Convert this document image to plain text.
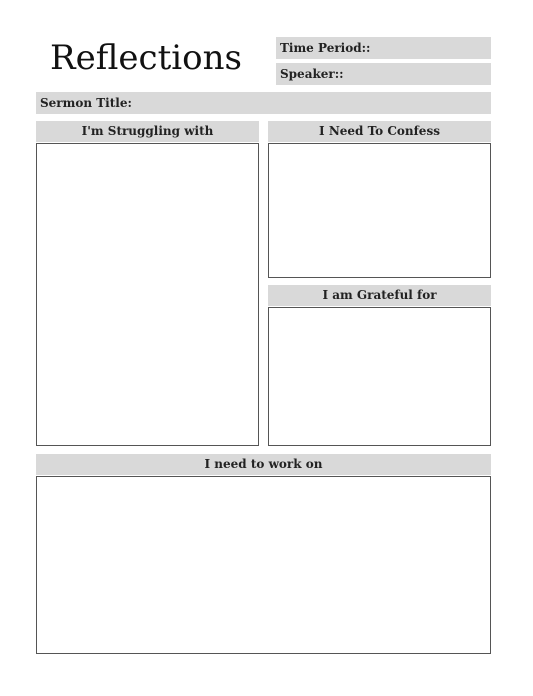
Reflections	Time Period::
Speaker::
Sermon Title:
I'm Struggling with	I Need To Confess
I am Grateful for
I need to work on
